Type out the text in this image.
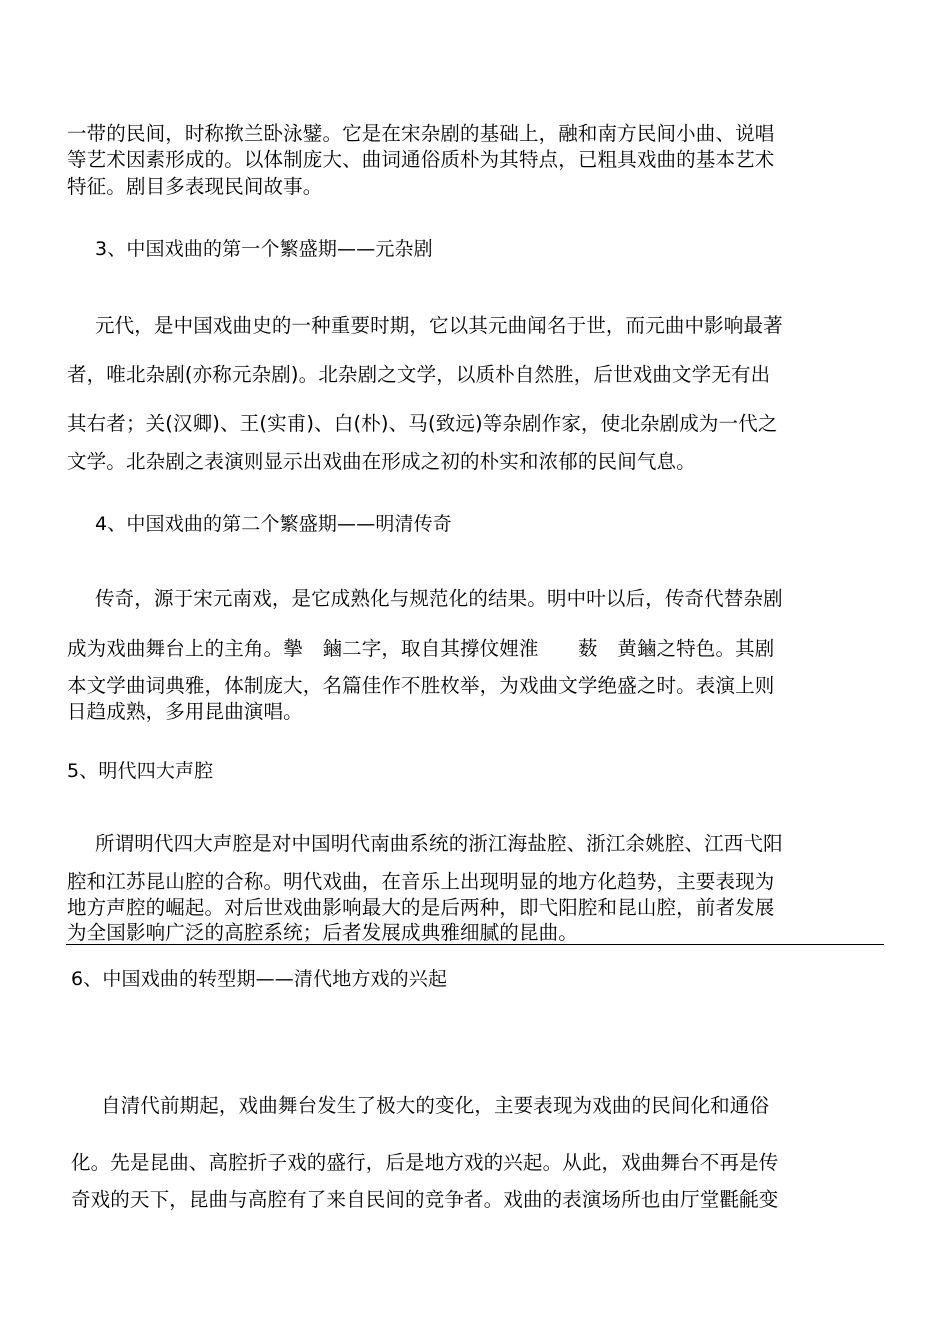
一带的民间，时称揿兰卧泳鐾。它是在宋杂剧的基础上，融和南方民间小曲、说唱
等艺术因素形成的。以体制庞大、曲词通俗质朴为其特点，已粗具戏曲的基本艺术
特征。剧目多表现民间故事。
3、中国戏曲的第一个繁盛期——元杂剧
元代，是中国戏曲史的一种重要时期，它以其元曲闻名于世，而元曲中影响最著
者，唯北杂剧(亦称元杂剧)。北杂剧之文学，以质朴自然胜，后世戏曲文学无有出
其右者；关(汉卿)、王(实甫)、白(朴)、马(致远)等杂剧作家，使北杂剧成为一代之
文学。北杂剧之表演则显示出戏曲在形成之初的朴实和浓郁的民间气息。
4、中国戏曲的第二个繁盛期——明清传奇
传奇，源于宋元南戏，是它成熟化与规范化的结果。明中叶以后，传奇代替杂剧
成为戏曲舞台上的主角。摰　鏀二字，取自其撐伩娌淮　　薮　黄鏀之特色。其剧
本文学曲词典雅，体制庞大，名篇佳作不胜枚举，为戏曲文学绝盛之时。表演上则
日趋成熟，多用昆曲演唱。
5、明代四大声腔
所谓明代四大声腔是对中国明代南曲系统的浙江海盐腔、浙江余姚腔、江西弋阳
腔和江苏昆山腔的合称。明代戏曲，在音乐上出现明显的地方化趋势，主要表现为
地方声腔的崛起。对后世戏曲影响最大的是后两种，即弋阳腔和昆山腔，前者发展
为全国影响广泛的高腔系统；后者发展成典雅细腻的昆曲。
6、中国戏曲的转型期——清代地方戏的兴起
自清代前期起，戏曲舞台发生了极大的变化，主要表现为戏曲的民间化和通俗
化。先是昆曲、高腔折子戏的盛行，后是地方戏的兴起。从此，戏曲舞台不再是传
奇戏的天下，昆曲与高腔有了来自民间的竞争者。戏曲的表演场所也由厅堂氍毹变
